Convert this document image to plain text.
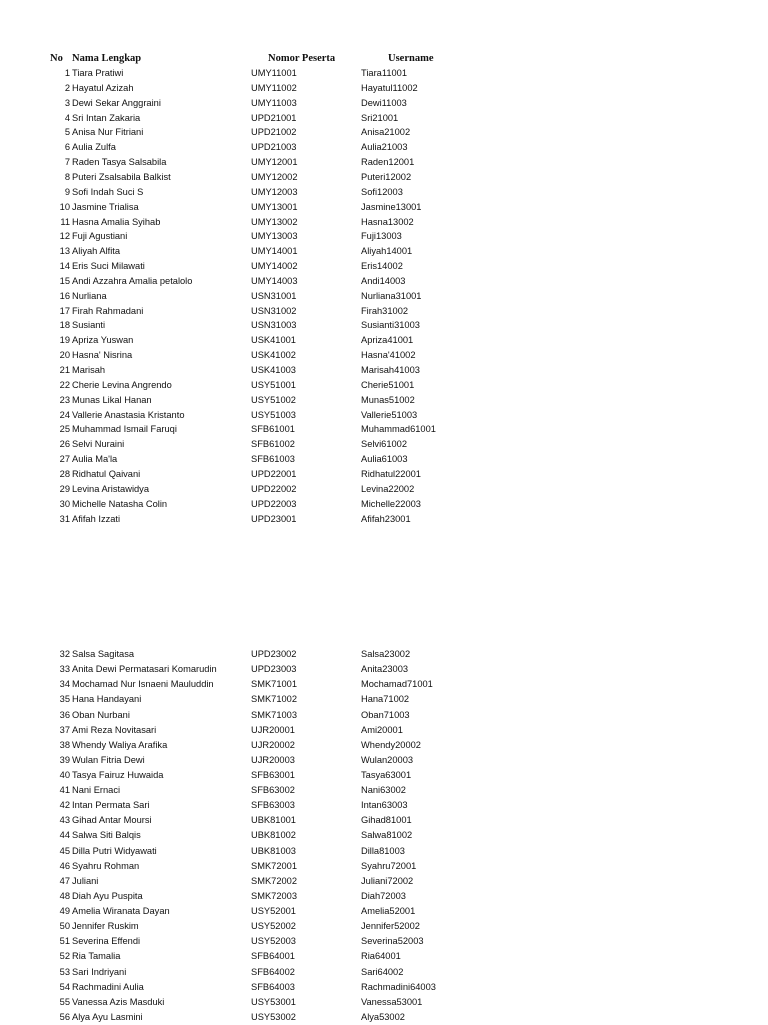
No Nama Lengkap	Nomor Peserta	Username
1 Tiara Pratiwi	UMY11001	Tiara11001
2 Hayatul Azizah	UMY11002	Hayatul11002
3 Dewi Sekar Anggraini	UMY11003	Dewi11003
4 Sri Intan Zakaria	UPD21001	Sri21001
5 Anisa Nur Fitriani	UPD21002	Anisa21002
6 Aulia Zulfa	UPD21003	Aulia21003
7 Raden Tasya Salsabila	UMY12001	Raden12001
8 Puteri Zsalsabila Balkist	UMY12002	Puteri12002
9 Sofi Indah Suci S	UMY12003	Sofi12003
10 Jasmine Trialisa	UMY13001	Jasmine13001
11 Hasna Amalia Syihab	UMY13002	Hasna13002
12 Fuji Agustiani	UMY13003	Fuji13003
13 Aliyah Alfita	UMY14001	Aliyah14001
14 Eris Suci Milawati	UMY14002	Eris14002
15 Andi Azzahra Amalia petalolo	UMY14003	Andi14003
16 Nurliana	USN31001	Nurliana31001
17 Firah Rahmadani	USN31002	Firah31002
18 Susianti	USN31003	Susianti31003
19 Apriza Yuswan	USK41001	Apriza41001
20 Hasna' Nisrina	USK41002	Hasna'41002
21 Marisah	USK41003	Marisah41003
22 Cherie Levina Angrendo	USY51001	Cherie51001
23 Munas Likal Hanan	USY51002	Munas51002
24 Vallerie Anastasia Kristanto	USY51003	Vallerie51003
25 Muhammad Ismail Faruqi	SFB61001	Muhammad61001
26 Selvi Nuraini	SFB61002	Selvi61002
27 Aulia Ma'la	SFB61003	Aulia61003
28 Ridhatul Qaivani	UPD22001	Ridhatul22001
29 Levina Aristawidya	UPD22002	Levina22002
30 Michelle Natasha Colin	UPD22003	Michelle22003
31 Afifah Izzati	UPD23001	Afifah23001
32 Salsa Sagitasa	UPD23002	Salsa23002
33 Anita Dewi Permatasari Komarudin	UPD23003	Anita23003
34 Mochamad Nur Isnaeni Mauluddin	SMK71001	Mochamad71001
35 Hana Handayani	SMK71002	Hana71002
36 Oban Nurbani	SMK71003	Oban71003
37 Ami Reza Novitasari	UJR20001	Ami20001
38 Whendy Waliya Arafika	UJR20002	Whendy20002
39 Wulan Fitria Dewi	UJR20003	Wulan20003
40 Tasya Fairuz Huwaida	SFB63001	Tasya63001
41 Nani Ernaci	SFB63002	Nani63002
42 Intan Permata Sari	SFB63003	Intan63003
43 Gihad Antar Moursi	UBK81001	Gihad81001
44 Salwa Siti Balqis	UBK81002	Salwa81002
45 Dilla Putri Widyawati	UBK81003	Dilla81003
46 Syahru Rohman	SMK72001	Syahru72001
47 Juliani	SMK72002	Juliani72002
48 Diah Ayu Puspita	SMK72003	Diah72003
49 Amelia Wiranata Dayan	USY52001	Amelia52001
50 Jennifer Ruskim	USY52002	Jennifer52002
51 Severina Effendi	USY52003	Severina52003
52 Ria Tamalia	SFB64001	Ria64001
53 Sari Indriyani	SFB64002	Sari64002
54 Rachmadini Aulia	SFB64003	Rachmadini64003
55 Vanessa Azis Masduki	USY53001	Vanessa53001
56 Alya Ayu Lasmini	USY53002	Alya53002
